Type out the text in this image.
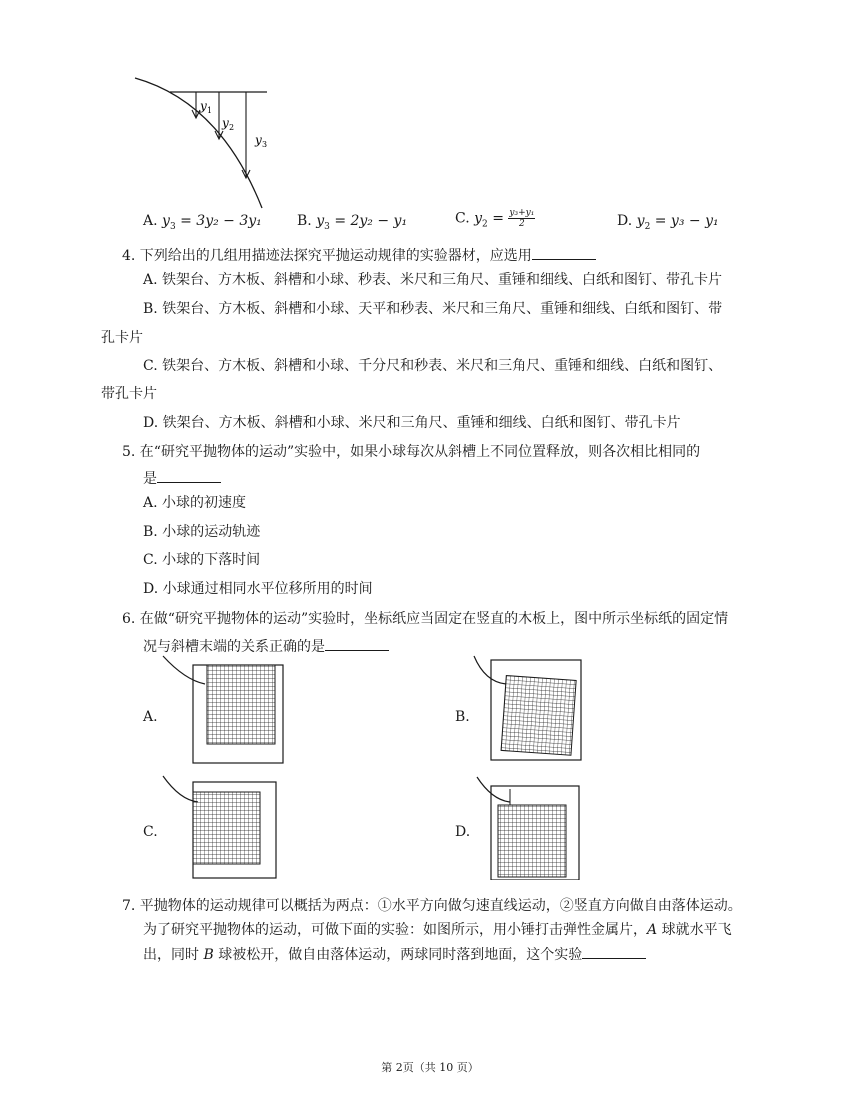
y 1
y 2
y 3
A. $y_3 = 3y_2 - 3y_1$	B. $y_3 = 2y_2 - y_1$	C. $y_2 = \frac{\text{y₃+y₁}}{2}$	D. $y_2 = y_3 - y_1$
4. 下列给出的几组用描迹法探究平抛运动规律的实验器材，应选用
A. 铁架台、方木板、斜槽和小球、秒表、米尺和三角尺、重锤和细线、白纸和图钉、带孔卡片
B. 铁架台、方木板、斜槽和小球、天平和秒表、米尺和三角尺、重锤和细线、白纸和图钉、带
孔卡片
C. 铁架台、方木板、斜槽和小球、千分尺和秒表、米尺和三角尺、重锤和细线、白纸和图钉、
带孔卡片
D. 铁架台、方木板、斜槽和小球、米尺和三角尺、重锤和细线、白纸和图钉、带孔卡片
5. 在“研究平抛物体的运动”实验中，如果小球每次从斜槽上不同位置释放，则各次相比相同的
是
A. 小球的初速度
B. 小球的运动轨迹
C. 小球的下落时间
D. 小球通过相同水平位移所用的时间
6. 在做“研究平抛物体的运动”实验时，坐标纸应当固定在竖直的木板上，图中所示坐标纸的固定情
况与斜槽末端的关系正确的是
A.	B.
C.	D.
7. 平抛物体的运动规律可以概括为两点：①水平方向做匀速直线运动，②竖直方向做自由落体运动。
为了研究平抛物体的运动，可做下面的实验：如图所示，用小锤打击弹性金属片，A 球就水平飞
出，同时 B 球被松开，做自由落体运动，两球同时落到地面，这个实验
第 2页（共 10 页）
